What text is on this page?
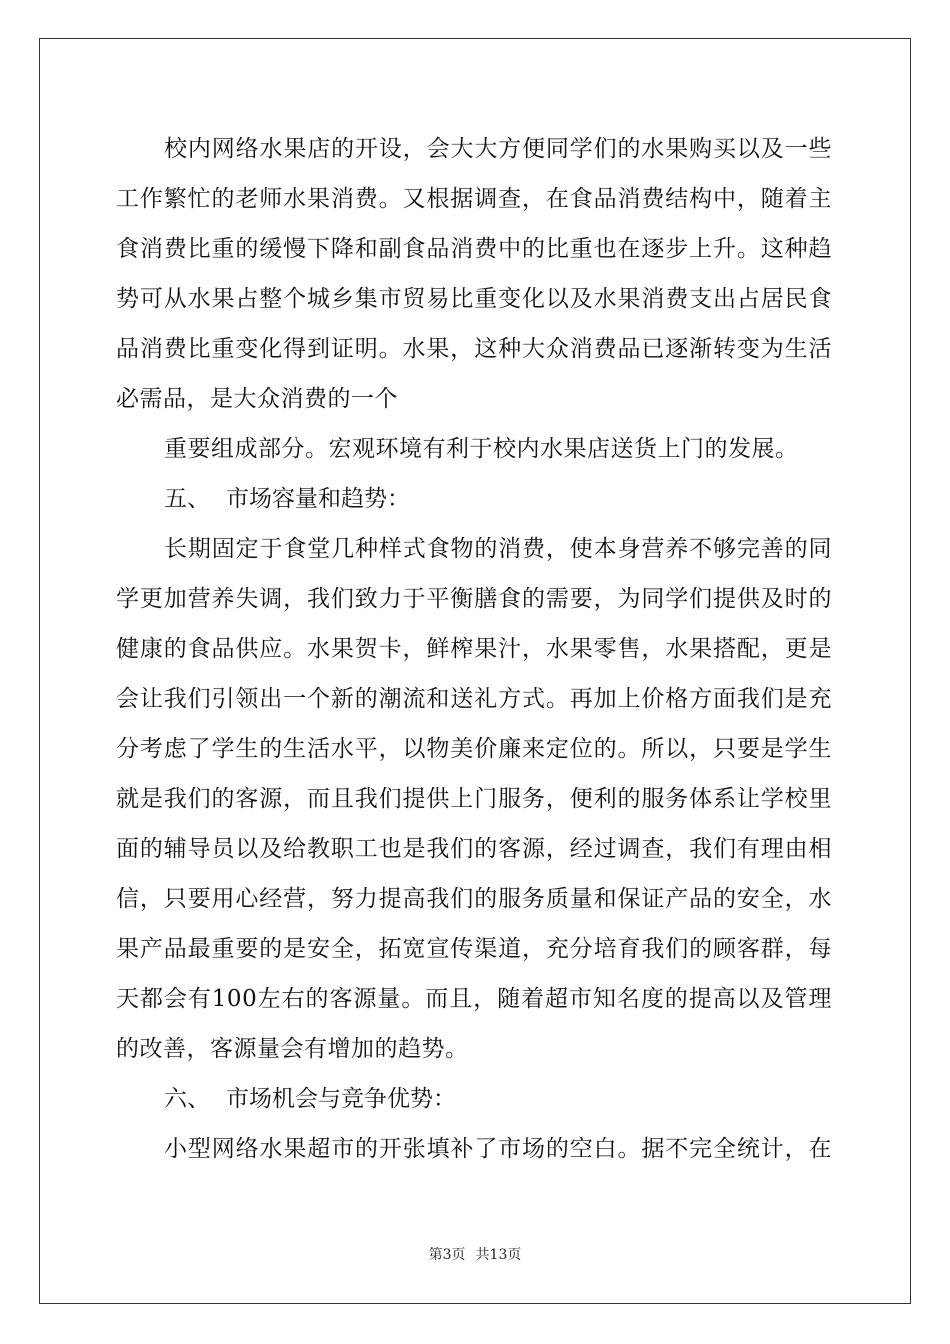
校内网络水果店的开设，会大大方便同学们的水果购买以及一些
工作繁忙的老师水果消费。又根据调查，在食品消费结构中，随着主
食消费比重的缓慢下降和副食品消费中的比重也在逐步上升。这种趋
势可从水果占整个城乡集市贸易比重变化以及水果消费支出占居民食
品消费比重变化得到证明。水果，这种大众消费品已逐渐转变为生活
必需品，是大众消费的一个
重要组成部分。宏观环境有利于校内水果店送货上门的发展。
五、 市场容量和趋势：
长期固定于食堂几种样式食物的消费，使本身营养不够完善的同
学更加营养失调，我们致力于平衡膳食的需要，为同学们提供及时的
健康的食品供应。水果贺卡，鲜榨果汁，水果零售，水果搭配，更是
会让我们引领出一个新的潮流和送礼方式。再加上价格方面我们是充
分考虑了学生的生活水平，以物美价廉来定位的。所以，只要是学生
就是我们的客源，而且我们提供上门服务，便利的服务体系让学校里
面的辅导员以及给教职工也是我们的客源，经过调查，我们有理由相
信，只要用心经营，努力提高我们的服务质量和保证产品的安全，水
果产品最重要的是安全，拓宽宣传渠道，充分培育我们的顾客群，每
天都会有100左右的客源量。而且，随着超市知名度的提高以及管理
的改善，客源量会有增加的趋势。
六、 市场机会与竞争优势：
小型网络水果超市的开张填补了市场的空白。据不完全统计，在
第3页 共13页
